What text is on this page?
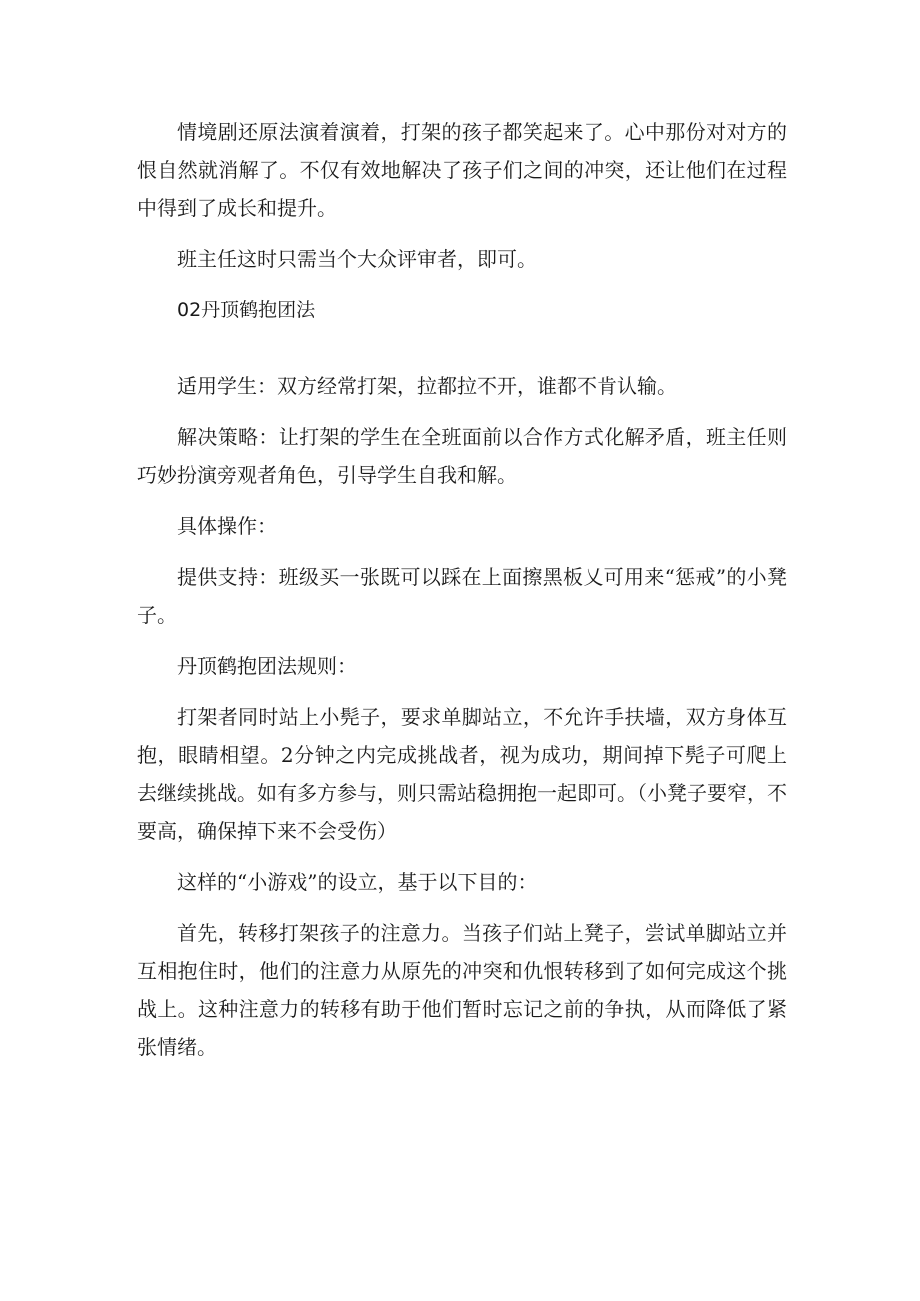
情境剧还原法演着演着，打架的孩子都笑起来了。心中那份对对方的恨自然就消解了。不仅有效地解决了孩子们之间的冲突，还让他们在过程中得到了成长和提升。

班主任这时只需当个大众评审者，即可。

02丹顶鹤抱团法

适用学生：双方经常打架，拉都拉不开，谁都不肯认输。

解决策略：让打架的学生在全班面前以合作方式化解矛盾，班主任则巧妙扮演旁观者角色，引导学生自我和解。

具体操作：

提供支持：班级买一张既可以踩在上面擦黑板乂可用来“惩戒”的小凳子。

丹顶鹤抱团法规则：

打架者同时站上小髡子，要求单脚站立，不允许手扶墙，双方身体互抱，眼睛相望。2分钟之内完成挑战者，视为成功，期间掉下髡子可爬上去继续挑战。如有多方参与，则只需站稳拥抱一起即可。（小凳子要窄，不要高，确保掉下来不会受伤）

这样的“小游戏”的设立，基于以下目的：

首先，转移打架孩子的注意力。当孩子们站上凳子，尝试单脚站立并互相抱住时，他们的注意力从原先的冲突和仇恨转移到了如何完成这个挑战上。这种注意力的转移有助于他们暂时忘记之前的争执，从而降低了紧张情绪。
